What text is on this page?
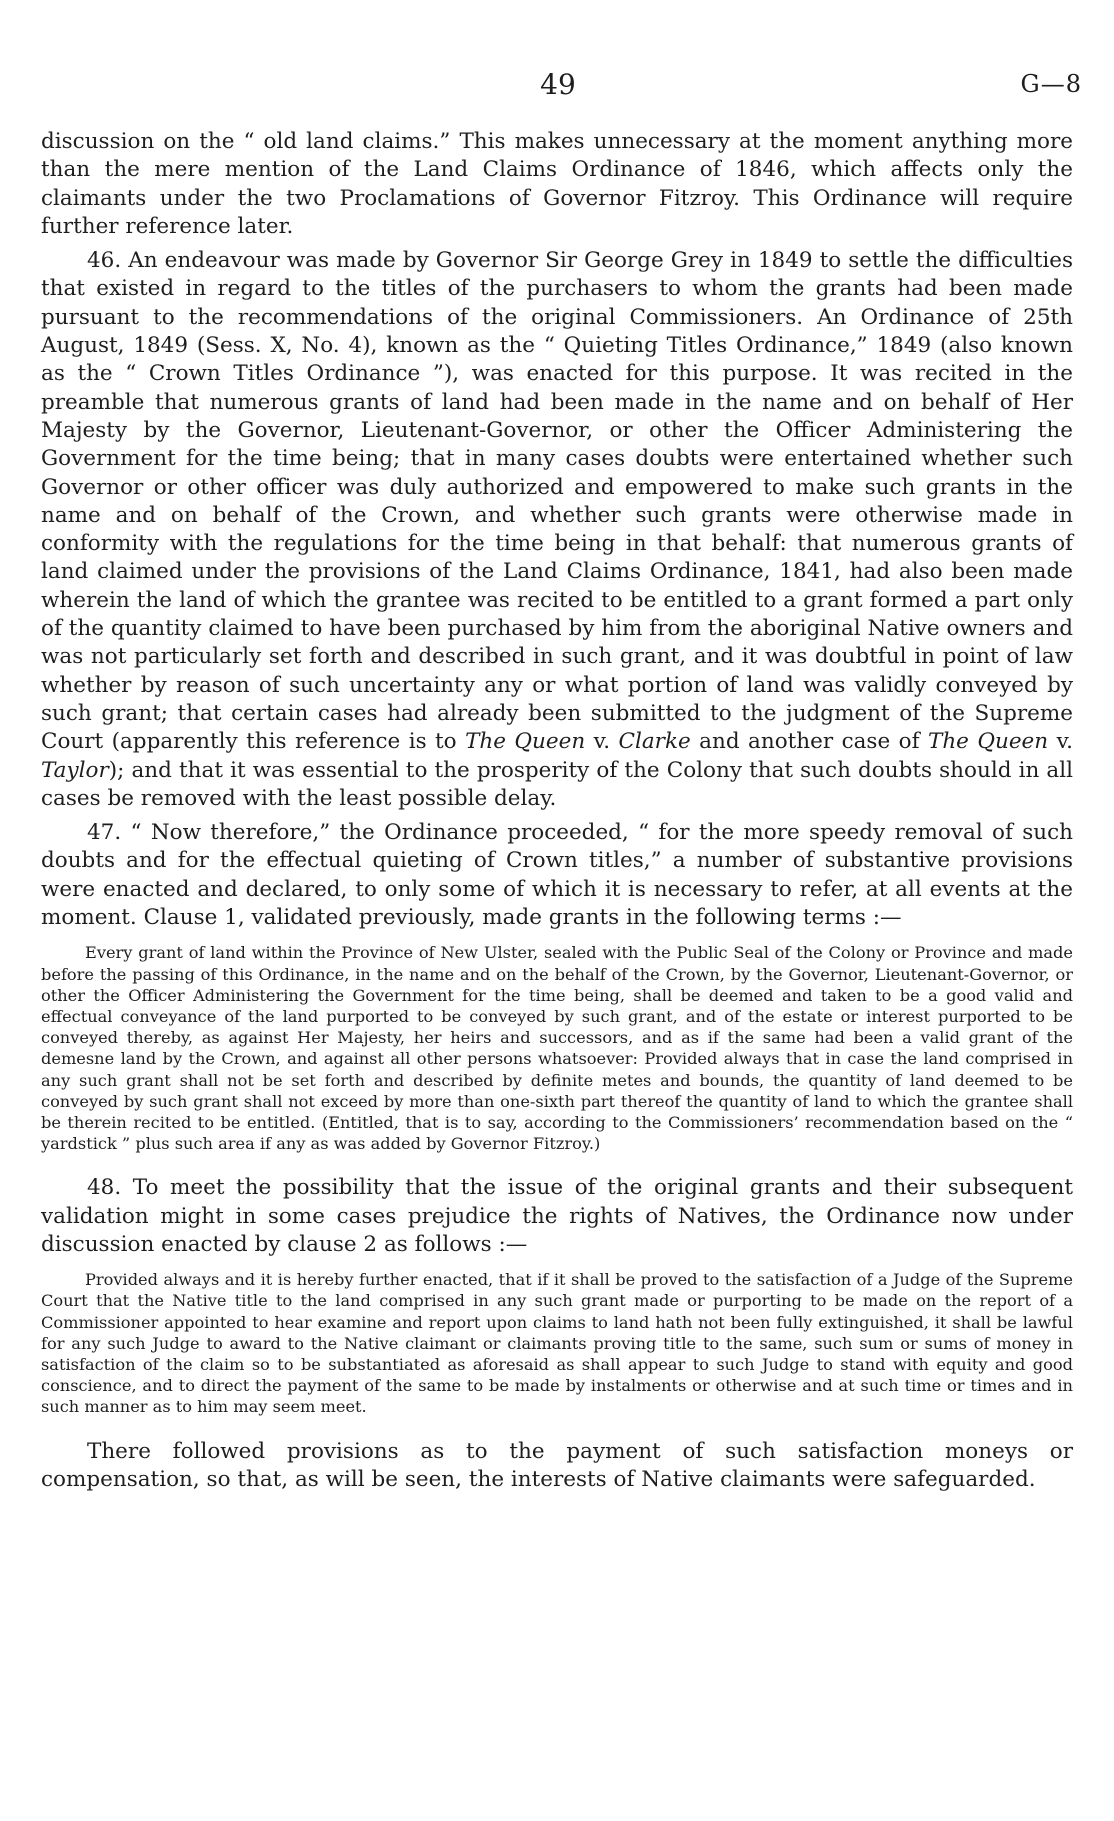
49	G—8

discussion on the “ old land claims.” This makes unnecessary at the moment anything more than the mere mention of the Land Claims Ordinance of 1846, which affects only the claimants under the two Proclamations of Governor Fitzroy. This Ordinance will require further reference later.

46. An endeavour was made by Governor Sir George Grey in 1849 to settle the difficulties that existed in regard to the titles of the purchasers to whom the grants had been made pursuant to the recommendations of the original Commissioners. An Ordinance of 25th August, 1849 (Sess. X, No. 4), known as the “ Quieting Titles Ordinance,” 1849 (also known as the “ Crown Titles Ordinance ”), was enacted for this purpose. It was recited in the preamble that numerous grants of land had been made in the name and on behalf of Her Majesty by the Governor, Lieutenant-Governor, or other the Officer Administering the Government for the time being; that in many cases doubts were entertained whether such Governor or other officer was duly authorized and empowered to make such grants in the name and on behalf of the Crown, and whether such grants were otherwise made in conformity with the regulations for the time being in that behalf: that numerous grants of land claimed under the provisions of the Land Claims Ordinance, 1841, had also been made wherein the land of which the grantee was recited to be entitled to a grant formed a part only of the quantity claimed to have been purchased by him from the aboriginal Native owners and was not particularly set forth and described in such grant, and it was doubtful in point of law whether by reason of such uncertainty any or what portion of land was validly conveyed by such grant; that certain cases had already been submitted to the judgment of the Supreme Court (apparently this reference is to The Queen v. Clarke and another case of The Queen v. Taylor); and that it was essential to the prosperity of the Colony that such doubts should in all cases be removed with the least possible delay.

47. “ Now therefore,” the Ordinance proceeded, “ for the more speedy removal of such doubts and for the effectual quieting of Crown titles,” a number of substantive provisions were enacted and declared, to only some of which it is necessary to refer, at all events at the moment. Clause 1, validated previously, made grants in the following terms :—

Every grant of land within the Province of New Ulster, sealed with the Public Seal of the Colony or Province and made before the passing of this Ordinance, in the name and on the behalf of the Crown, by the Governor, Lieutenant-Governor, or other the Officer Administering the Government for the time being, shall be deemed and taken to be a good valid and effectual conveyance of the land purported to be conveyed by such grant, and of the estate or interest purported to be conveyed thereby, as against Her Majesty, her heirs and successors, and as if the same had been a valid grant of the demesne land by the Crown, and against all other persons whatsoever: Provided always that in case the land comprised in any such grant shall not be set forth and described by definite metes and bounds, the quantity of land deemed to be conveyed by such grant shall not exceed by more than one-sixth part thereof the quantity of land to which the grantee shall be therein recited to be entitled. (Entitled, that is to say, according to the Commissioners’ recommendation based on the “ yardstick ” plus such area if any as was added by Governor Fitzroy.)

48. To meet the possibility that the issue of the original grants and their subsequent validation might in some cases prejudice the rights of Natives, the Ordinance now under discussion enacted by clause 2 as follows :—

Provided always and it is hereby further enacted, that if it shall be proved to the satisfaction of a Judge of the Supreme Court that the Native title to the land comprised in any such grant made or purporting to be made on the report of a Commissioner appointed to hear examine and report upon claims to land hath not been fully extinguished, it shall be lawful for any such Judge to award to the Native claimant or claimants proving title to the same, such sum or sums of money in satisfaction of the claim so to be substantiated as aforesaid as shall appear to such Judge to stand with equity and good conscience, and to direct the payment of the same to be made by instalments or otherwise and at such time or times and in such manner as to him may seem meet.

There followed provisions as to the payment of such satisfaction moneys or compensation, so that, as will be seen, the interests of Native claimants were safeguarded.
